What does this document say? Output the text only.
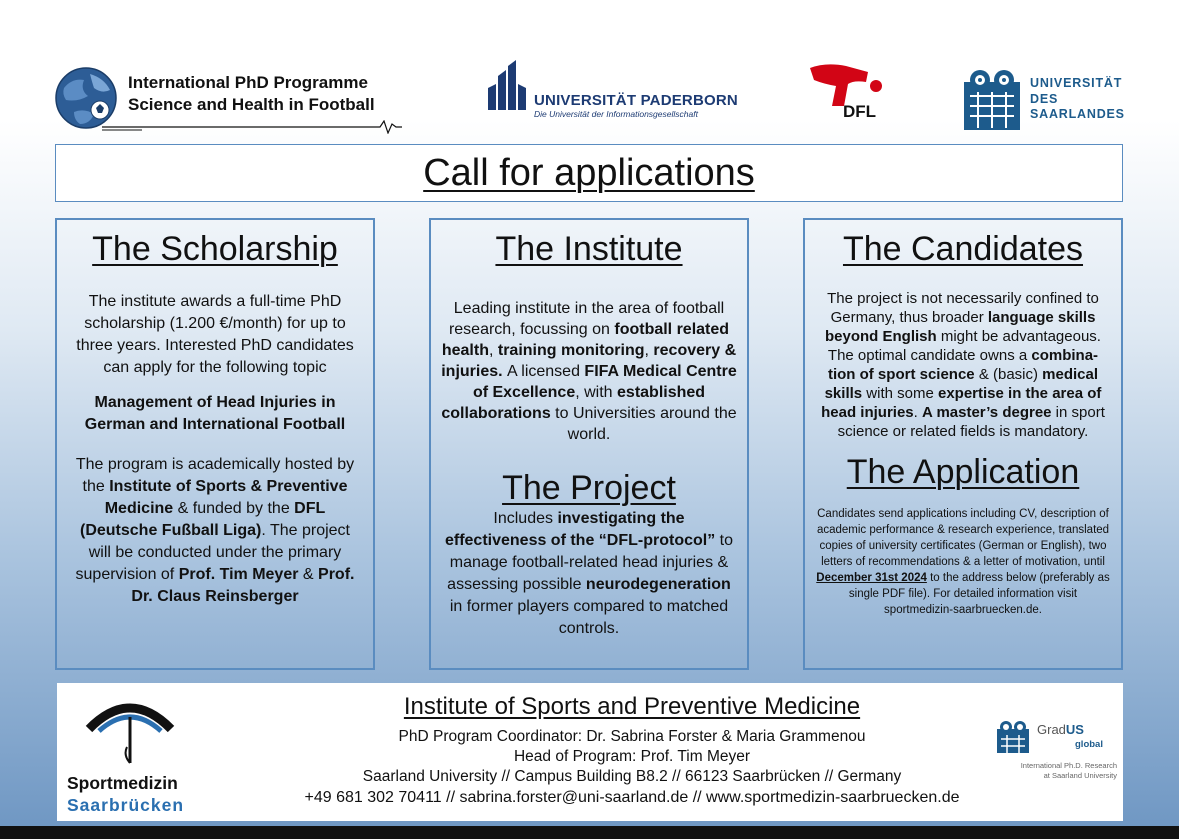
International PhD Programme
Science and Health in Football	UNIVERSITÄT PADERBORN
Die Universität der Informationsgesellschaft	DFL
UNIVERSITÄT
DES
SAARLANDES
Call for applications
The Scholarship

The institute awards a full-time PhD scholarship (1.200 €/month) for up to three years. Interested PhD candidates can apply for the following topic

Management of Head Injuries in German and International Football

The program is academically hosted by the Institute of Sports & Preventive Medicine & funded by the DFL (Deutsche Fußball Liga). The project will be conducted under the primary supervision of Prof. Tim Meyer & Prof. Dr. Claus Reinsberger

The Institute

Leading institute in the area of football research, focussing on football related health, training monitoring, recovery & injuries. A licensed FIFA Medical Centre of Excellence, with established collaborations to Universities around the world.

The Project

Includes investigating the effectiveness of the “DFL-protocol” to manage football-related head injuries & assessing possible neurodegeneration in former players compared to matched controls.

The Candidates

The project is not necessarily confined to Germany, thus broader language skills beyond English might be advantageous. The optimal candidate owns a combina-tion of sport science & (basic) medical skills with some expertise in the area of head injuries. A master’s degree in sport science or related fields is mandatory.

The Application

Candidates send applications including CV, description of academic performance & research experience, translated copies of university certificates (German or English), two letters of recommendations & a letter of motivation, until December 31st 2024 to the address below (preferably as single PDF file). For detailed information visit sportmedizin-saarbruecken.de.

Sportmedizin
Saarbrücken
Institute of Sports and Preventive Medicine
PhD Program Coordinator: Dr. Sabrina Forster & Maria Grammenou
Head of Program: Prof. Tim Meyer
Saarland University // Campus Building B8.2 // 66123 Saarbrücken // Germany
+49 681 302 70411 // sabrina.forster@uni-saarland.de // www.sportmedizin-saarbruecken.de
GradUS
global
International Ph.D. Research
at Saarland University
